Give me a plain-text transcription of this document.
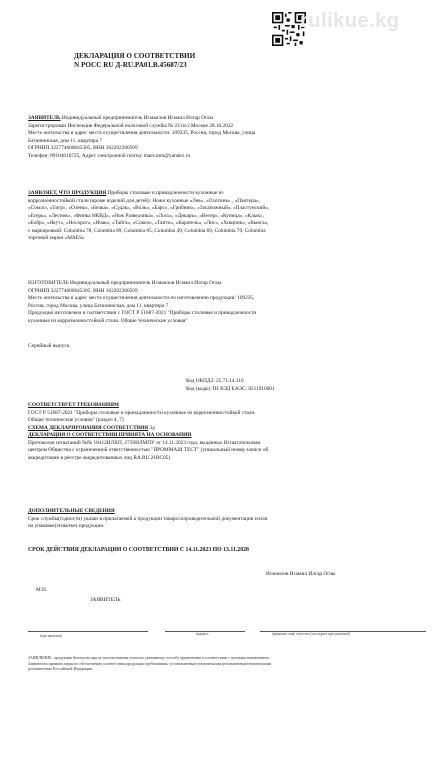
rulikue.kg
ДЕКЛАРАЦИЯ О СООТВЕТСТВИИ
N РОСС RU Д-RU.PA01.B.45687/23
ЗАЯВИТЕЛЬ Индивидуальный предприниматель Исмаилов Исмаил Илгар Оглы
Зарегистрирован Инспекция Федеральной налоговой службы № 23 по г.Москве 28.10.2022
Место жительства и адрес места осуществления деятельности: 109235, Россия, город Москва, улица
Батюнинская, дом 11, квартира 7
ОГРНИП 322774600645305, ИНН 362202260509
Телефон: 89104010725, Адрес электронной почты: maes.mm@yandex.ru
ЗАЯВЛЯЕТ, ЧТО ПРОДУКЦИЯ Приборы столовые и принадлежности кухонные из
коррозионностойкой стали (кроме изделий для детей): Ножи кухонные «Лев», «Охотник» , «Пантера»,
«Сокол», «Тигр», «Олень», «Белка», «Судак», «Волк», «Барс», «Грибник», «Засапожный», «Пластунский»,
«Егерь», «Лесник», «Финка НКВД», «Нож Разведчика», «Лось», «Дикарь», «Ветер», «Куница», «Клык»,
«Бобр», «Якут», «Носорог», «Ячак», «Тайга», «Сокол», «Танто», «Каратель», «Лис», «Хищник», «Вьюга»,
с маркировкой: Columbia 78, Columbia 89, Columbia 85, Columbia 49, Columbia 69, Columbia 70, Columbia
торговой марки «MAES»
ИЗГОТОВИТЕЛЬ Индивидуальный предприниматель Исмаилов Исмаил Илгар Оглы
ОГРНИП 322774600645305, ИНН 362202260509
Место жительства и адрес места осуществления деятельности по изготовлению продукции: 109235,
Россия, город Москва, улица Батюнинская, дом 11, квартира 7
Продукция изготовлена в соответствии с ГОСТ Р 51687-2021 "Приборы столовые и принадлежности
кухонные из коррозионностойкой стали. Общие технические условия"
Серийный выпуск
Код ОКПД2: 25.71.14.110
Код (коды) ТН ВЭД ЕАЭС: 8211910001
СООТВЕТСТВУЕТ ТРЕБОВАНИЯМ
ГОСТ Р 51687-2021 "Приборы столовые и принадлежности кухонные из коррозионностойкой стали.
Общие технические условия" (раздел 4, 7)
СХЕМА ДЕКЛАРИРОВАНИЯ СООТВЕТСТВИЯ 3д
ДЕКЛАРАЦИЯ О СООТВЕТСТВИИ ПРИНЯТА НА ОСНОВАНИИ
Протоколов испытаний №№ 18412ИЛХП, 2739ИЛМПУ от 14.11.2023 года, выданных Испытательным
центром Общества с ограниченной ответственностью "ПРОММАШ ТЕСТ" (уникальный номер записи об
аккредитации в реестре аккредитованных лиц RA.RU.21BC05)
ДОПОЛНИТЕЛЬНЫЕ СВЕДЕНИЯ
Срок службы(годности) указан в прилагаемой к продукции товаросопроводительной документации и/или
на упаковке(этикетке) продукции.
СРОК ДЕЙСТВИЯ ДЕКЛАРАЦИИ О СООТВЕТСТВИИ С 14.11.2023 ПО 13.11.2028
Исмаилов Исмаил Илгар Оглы
М.П.
ЗАЯВИТЕЛЬ
(при наличии)	подпись	(фамилия, имя, отчество (последнее при наличии))
ЗАЯВЛЕНИЕ: продукция безопасна при ее использовании согласно указанному способу применения в соответствии с целевым назначением.
Заявителем приняты меры по обеспечению соответствия продукции требованиям, установленным техническими регламентами/техническими
регламентами Российской Федерации.
